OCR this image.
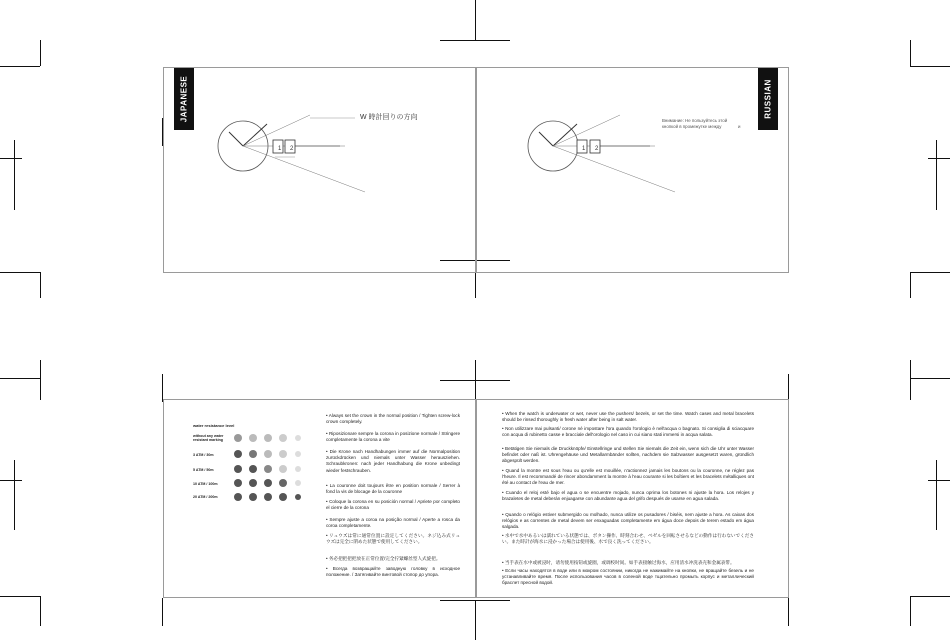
JAPANESE	RUSSIAN
1 2
W 時計回りの方向
1 2
Внимание: Не пользуйтесь этой
кнопкой в промежутке между	и
water resistance level
without any water resistant marking
3 ATM / 30m
5 ATM / 50m
10 ATM / 100m
20 ATM / 200m
• Always set the crown in the normal position / Tighten screw-lock crown completely.
• Riposizionare sempre la corona in posizione normale / Stringere completamente la corona a vite
• Die Krone nach Handhabungen immer auf die Normalposition zurückdrücken und niemals unter Wasser herausziehen. Schraubkronen: nach jeder Handhabung die Krone unbedingt wieder festschrauben.
• La couronne doit toujours être en position normale / Serrer à fond la vis de blocage de la couronne
• Coloque la corona en su posición normal / Apriete por completo el cierre de la corona
• Sempre ajuste a coroa na posição normal / Aperte a rosca da coroa completamente.
• リュウズは常に通常位置に設定してください。ネジ込み式リュウズは完全に閉めた状態で使用してください。
• 务必把把把把放在正常位置/完全拧紧螺丝型人式旋把。
• Всегда возвращайте заводную головку в исходное положение. / Затягивайте винтовой стопор до упора.
• When the watch is underwater or wet, never use the pushers/ bezels, or set the time. Watch cases and metal bracelets should be rinsed thoroughly in fresh water after being in salt water.
• Non utilizzare mai pulsanti/ corone né impostare l'ora quando l'orologio è nell'acqua o bagnato. Si consiglia di sciacquare con acqua di rubinetto casse e bracciale dell'orologio nel caso in cui siano stati immersi in acqua salata.
• Betätigen Sie niemals die Druckknöpfe/ Einstellringe und stellen Sie niemals die Zeit ein, wenn sich die Uhr unter Wasser befindet oder naß ist. Uhrengehäuse und Metallarmbänder sollten, nachdem sie Salzwasser ausgesetzt waren, gründlich abgespült werden.
• Quand la montre est sous l'eau ou qu'elle est mouillée, n'actionnez jamais les boutons ou la couronne, ne réglez pas l'heure. Il est recommandé de rincer abondamment la montre à l'eau courante si les boîtiers et les bracelets métalliques ont été au contact de l'eau de mer.
• Cuando el reloj esté bajo el agua o se encuentre mojado, nunca oprima los botones ni ajuste la hora. Los relojes y brazaletes de metal deberán enjuagarse con abundante agua del grifo después de usarse en agua salada.
• Quando o relógio estiver submergido ou molhado, nunca utilize os pusadores / biséis, nem ajuste a hora. As caixas dos relógios e as correntes de metal devem ser enxaguadas completamente em água doce depois de terem estado em água salgada.
• 水中で水中あるいは濡れている状態では、ボタン操作、時刻合わせ、ベゼルを回転させるなどの動作は行わないでください。また時計が海水に浸かった場合は使用後、水で良く洗ってください。
• 当手表在水中或被浸时，请勿使用按钮或旋圈，或调校时间。如手表接触过海水，应用清水冲洗表壳和金属表带。
• Если часы находятся в воде или в мокром состоянии, никогда не нажимайте на кнопки, не вращайте безель и не устанавливайте время. После использования часов в соленой воде тщательно промыть корпус и металлический браслет пресной водой.
